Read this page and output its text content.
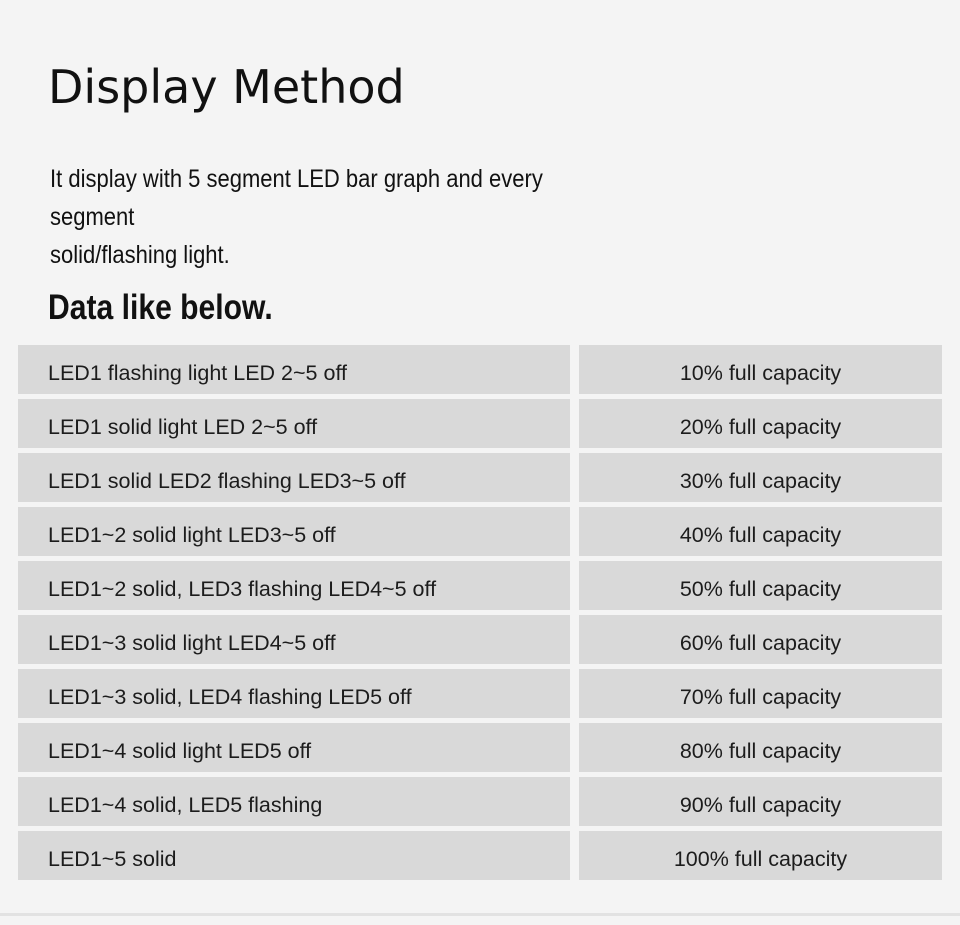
Display Method

It display with 5 segment LED bar graph and every segment
solid/flashing light.

Data like below.
LED1 flashing light LED 2~5 off	10% full capacity
LED1 solid light LED 2~5 off	20% full capacity
LED1 solid LED2 flashing LED3~5 off	30% full capacity
LED1~2 solid light LED3~5 off	40% full capacity
LED1~2 solid, LED3 flashing LED4~5 off	50% full capacity
LED1~3 solid light LED4~5 off	60% full capacity
LED1~3 solid, LED4 flashing LED5 off	70% full capacity
LED1~4 solid light LED5 off	80% full capacity
LED1~4 solid, LED5 flashing	90% full capacity
LED1~5 solid	100% full capacity
